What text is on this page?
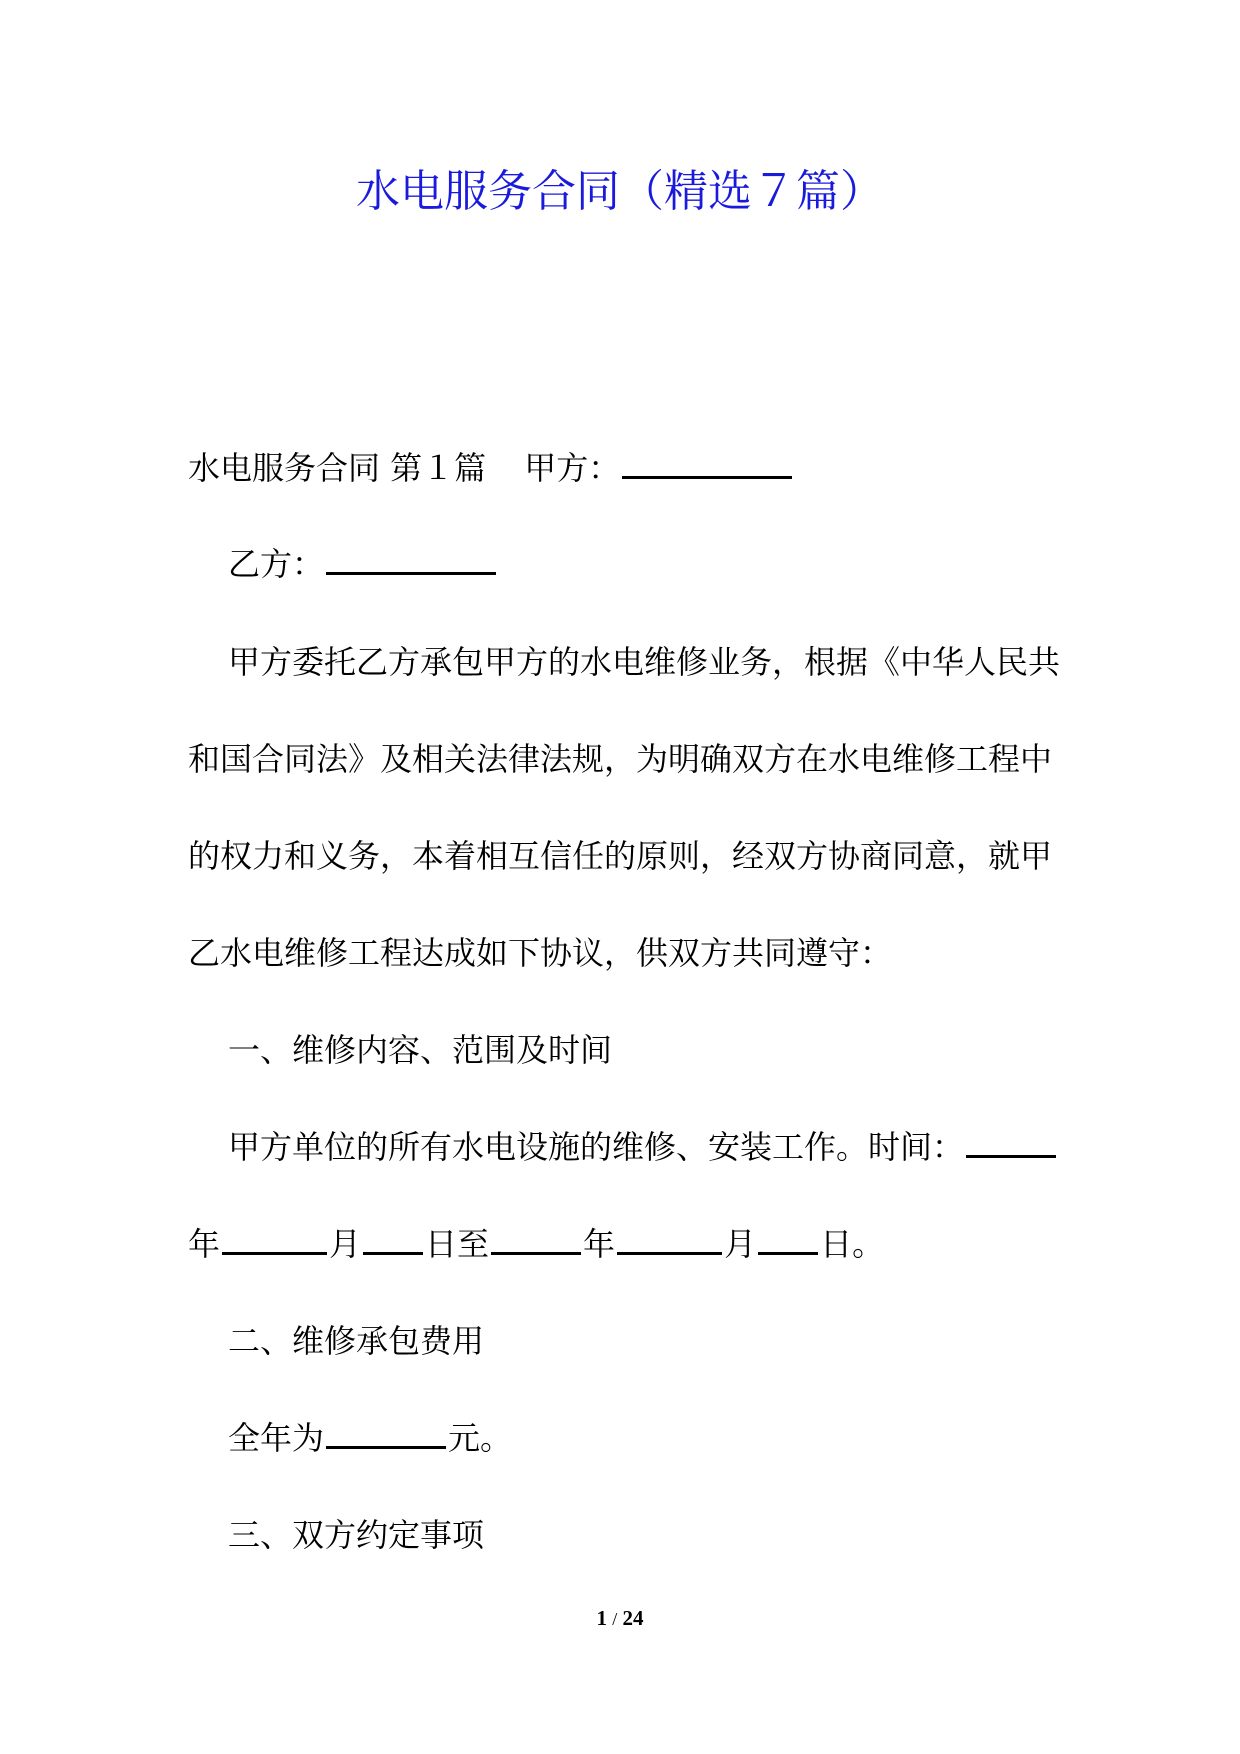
水电服务合同（精选７篇）
水电服务合同 第１篇 甲方：
乙方：
甲方委托乙方承包甲方的水电维修业务，根据《中华人民共
和国合同法》及相关法律法规，为明确双方在水电维修工程中
的权力和义务，本着相互信任的原则，经双方协商同意，就甲
乙水电维修工程达成如下协议，供双方共同遵守：
一、维修内容、范围及时间
甲方单位的所有水电设施的维修、安装工作。时间：
年	月 日至	年	月 日。
二、维修承包费用
全年为	元。
三、双方约定事项
1 / 24
